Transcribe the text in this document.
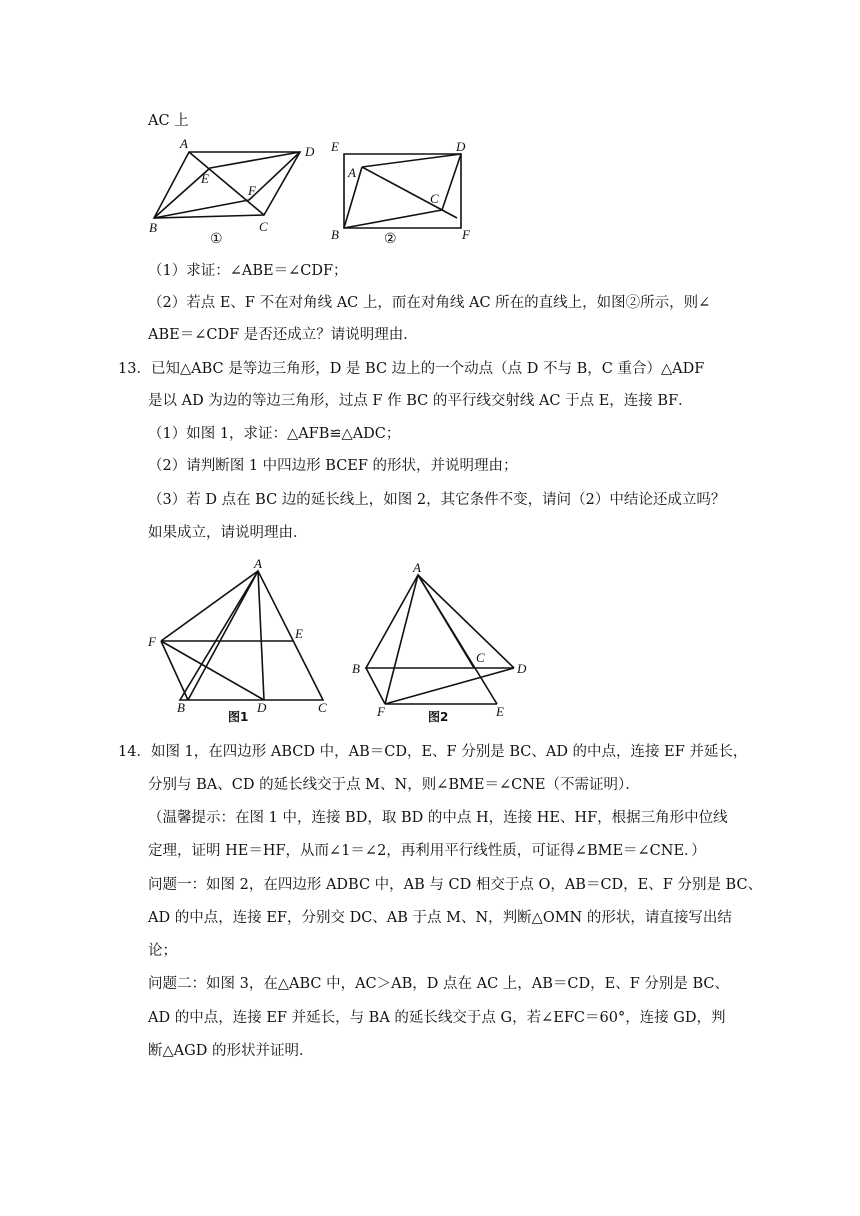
AC 上
A
D
E
F
B	C
①
E	D
A
C
B	F
②
（1）求证：∠ABE＝∠CDF；
（2）若点 E、F 不在对角线 AC 上，而在对角线 AC 所在的直线上，如图②所示，则∠
ABE＝∠CDF 是否还成立？请说明理由．
13．已知△ABC 是等边三角形，D 是 BC 边上的一个动点（点 D 不与 B，C 重合）△ADF
是以 AD 为边的等边三角形，过点 F 作 BC 的平行线交射线 AC 于点 E，连接 BF．
（1）如图 1，求证：△AFB≌△ADC；
（2）请判断图 1 中四边形 BCEF 的形状，并说明理由；
（3）若 D 点在 BC 边的延长线上，如图 2，其它条件不变，请问（2）中结论还成立吗？
如果成立，请说明理由．
A
F
E
B	D	C
图1
A
B
C
D
F	E
图2
14．如图 1，在四边形 ABCD 中，AB＝CD，E、F 分别是 BC、AD 的中点，连接 EF 并延长，
分别与 BA、CD 的延长线交于点 M、N，则∠BME＝∠CNE（不需证明）．
（温馨提示：在图 1 中，连接 BD，取 BD 的中点 H，连接 HE、HF，根据三角形中位线
定理，证明 HE＝HF，从而∠1＝∠2，再利用平行线性质，可证得∠BME＝∠CNE．）
问题一：如图 2，在四边形 ADBC 中，AB 与 CD 相交于点 O，AB＝CD，E、F 分别是 BC、
AD 的中点，连接 EF，分别交 DC、AB 于点 M、N，判断△OMN 的形状，请直接写出结
论；
问题二：如图 3，在△ABC 中，AC＞AB，D 点在 AC 上，AB＝CD，E、F 分别是 BC、
AD 的中点，连接 EF 并延长，与 BA 的延长线交于点 G，若∠EFC＝60°，连接 GD，判
断△AGD 的形状并证明．
